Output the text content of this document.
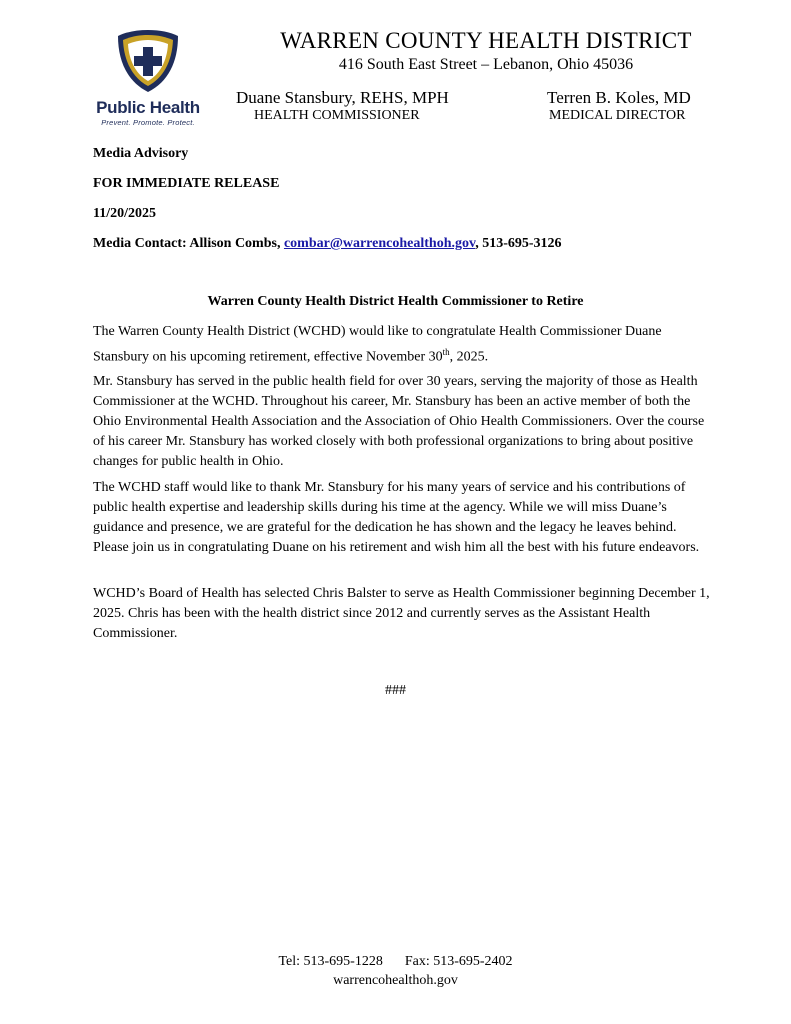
Public Health
Prevent. Promote. Protect.
WARREN COUNTY HEALTH DISTRICT
416 South East Street – Lebanon, Ohio 45036
Duane Stansbury, REHS, MPH
HEALTH COMMISSIONER
Terren B. Koles, MD
MEDICAL DIRECTOR
Media Advisory
FOR IMMEDIATE RELEASE
11/20/2025
Media Contact: Allison Combs, combar@warrencohealthoh.gov, 513-695-3126
Warren County Health District Health Commissioner to Retire

The Warren County Health District (WCHD) would like to congratulate Health Commissioner Duane Stansbury on his upcoming retirement, effective November 30th, 2025.

Mr. Stansbury has served in the public health field for over 30 years, serving the majority of those as Health Commissioner at the WCHD. Throughout his career, Mr. Stansbury has been an active member of both the Ohio Environmental Health Association and the Association of Ohio Health Commissioners. Over the course of his career Mr. Stansbury has worked closely with both professional organizations to bring about positive changes for public health in Ohio.

The WCHD staff would like to thank Mr. Stansbury for his many years of service and his contributions of public health expertise and leadership skills during his time at the agency. While we will miss Duane’s guidance and presence, we are grateful for the dedication he has shown and the legacy he leaves behind. Please join us in congratulating Duane on his retirement and wish him all the best with his future endeavors.

WCHD’s Board of Health has selected Chris Balster to serve as Health Commissioner beginning December 1, 2025. Chris has been with the health district since 2012 and currently serves as the Assistant Health Commissioner.

###
Tel: 513-695-1228 Fax: 513-695-2402
warrencohealthoh.gov
